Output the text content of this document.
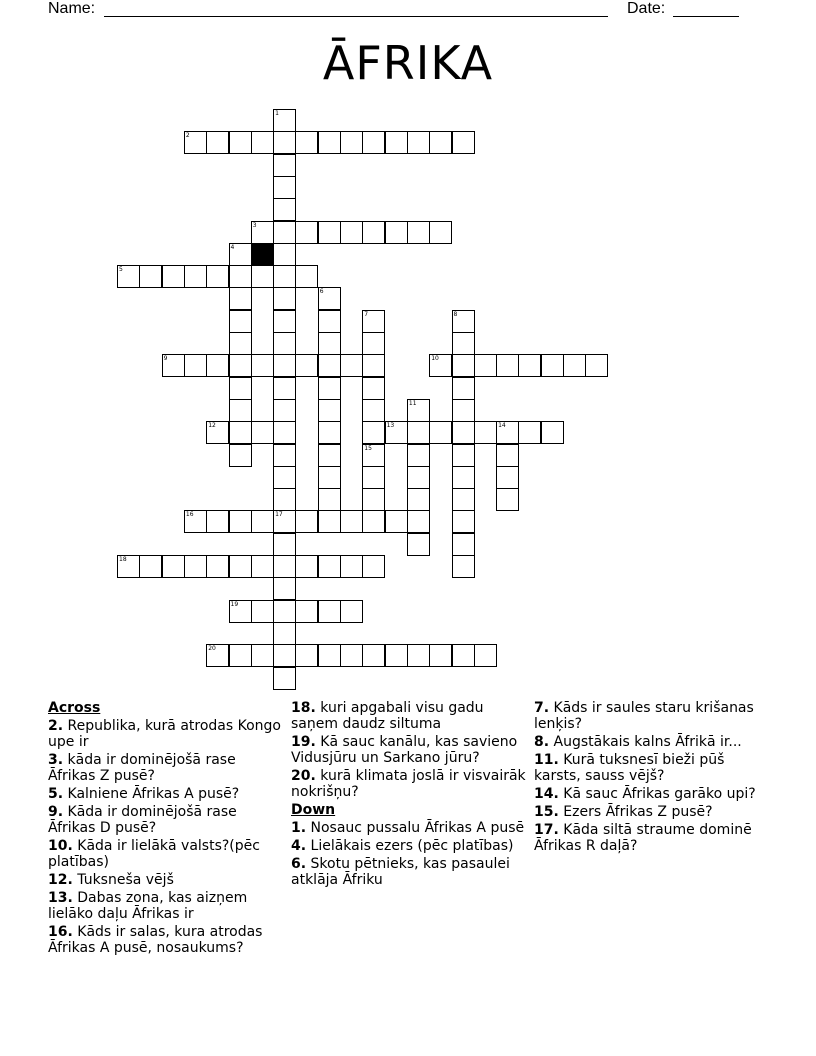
Name:	Date:
ĀFRIKA
2
3
5
9	10
12	13	14
16	17
18
19
20
1
4
6
7
15
8
11
Across
2. Republika, kurā atrodas Kongo upe ir
3. kāda ir dominējošā rase Āfrikas Z pusē?
5. Kalniene Āfrikas A pusē?
9. Kāda ir dominējošā rase Āfrikas D pusē?
10. Kāda ir lielākā valsts?(pēc platības)
12. Tuksneša vējš
13. Dabas zona, kas aizņem lielāko daļu Āfrikas ir
16. Kāds ir salas, kura atrodas Āfrikas A pusē, nosaukums?
18. kuri apgabali visu gadu saņem daudz siltuma
19. Kā sauc kanālu, kas savieno Vidusjūru un Sarkano jūru?
20. kurā klimata joslā ir visvairāk nokrišņu?
Down
1. Nosauc pussalu Āfrikas A pusē
4. Lielākais ezers (pēc platības)
6. Skotu pētnieks, kas pasaulei atklāja Āfriku
7. Kāds ir saules staru krišanas lenķis?
8. Augstākais kalns Āfrikā ir...
11. Kurā tuksnesī bieži pūš karsts, sauss vējš?
14. Kā sauc Āfrikas garāko upi?
15. Ezers Āfrikas Z pusē?
17. Kāda siltā straume dominē Āfrikas R daļā?
